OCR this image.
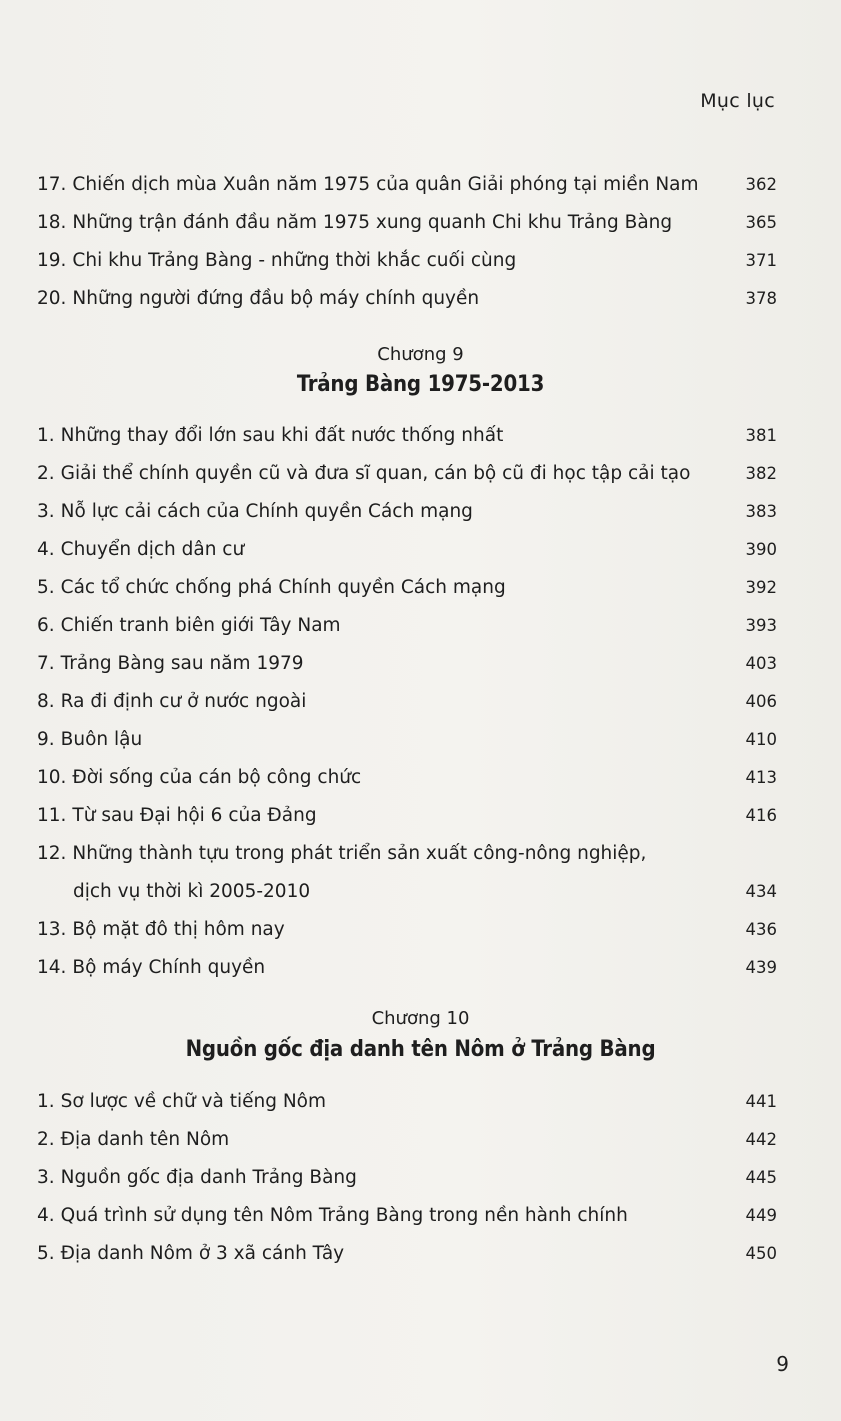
Mục lục
17. Chiến dịch mùa Xuân năm 1975 của quân Giải phóng tại miền Nam	362
18. Những trận đánh đầu năm 1975 xung quanh Chi khu Trảng Bàng	365
19. Chi khu Trảng Bàng - những thời khắc cuối cùng	371
20. Những người đứng đầu bộ máy chính quyền	378
Chương 9
Trảng Bàng 1975-2013
1. Những thay đổi lớn sau khi đất nước thống nhất	381
2. Giải thể chính quyền cũ và đưa sĩ quan, cán bộ cũ đi học tập cải tạo	382
3. Nỗ lực cải cách của Chính quyền Cách mạng	383
4. Chuyển dịch dân cư	390
5. Các tổ chức chống phá Chính quyền Cách mạng	392
6. Chiến tranh biên giới Tây Nam	393
7. Trảng Bàng sau năm 1979	403
8. Ra đi định cư ở nước ngoài	406
9. Buôn lậu	410
10. Đời sống của cán bộ công chức	413
11. Từ sau Đại hội 6 của Đảng	416
12. Những thành tựu trong phát triển sản xuất công-nông nghiệp,
dịch vụ thời kì 2005-2010	434
13. Bộ mặt đô thị hôm nay	436
14. Bộ máy Chính quyền	439
Chương 10
Nguồn gốc địa danh tên Nôm ở Trảng Bàng
1. Sơ lược về chữ và tiếng Nôm	441
2. Địa danh tên Nôm	442
3. Nguồn gốc địa danh Trảng Bàng	445
4. Quá trình sử dụng tên Nôm Trảng Bàng trong nền hành chính	449
5. Địa danh Nôm ở 3 xã cánh Tây	450
9
